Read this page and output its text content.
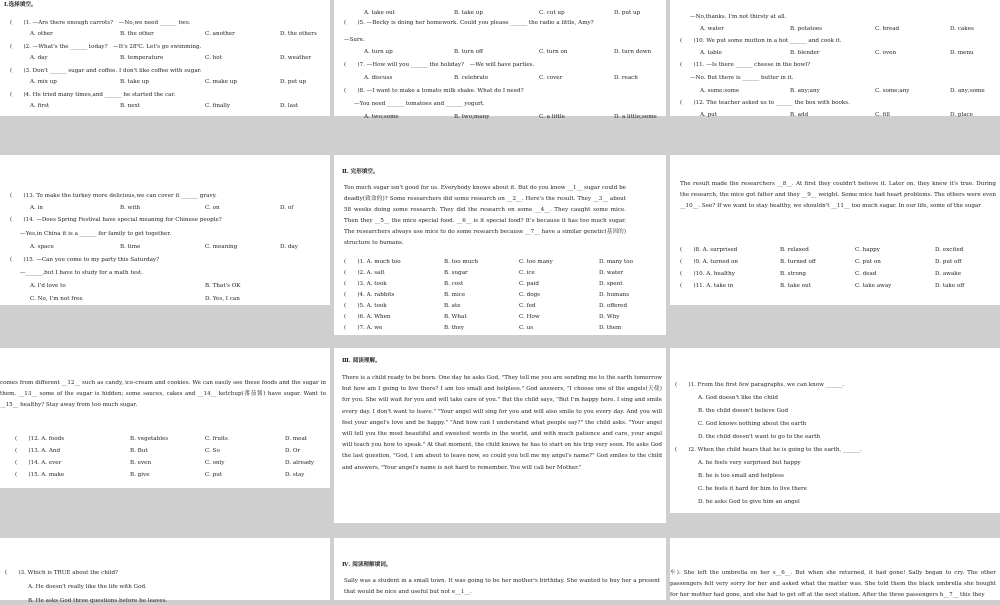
Ⅰ.选择填空。
(　　)1. —Are there enough carrots?　—No,we need ______ two.
(　　)2. —What's the ______ today?　—It's 28℃. Let's go swimming.
(　　)3. Don't ______ sugar and coffee. I don't like coffee with sugar.
(　　)4. He tried many times,and ______ he started the car.
A. other	B. the other	C. another	D. the others
A. day	B. temperature	C. hot	D. weather
A. mix up	B. take up	C. make up	D. put up
A. first	B. next	C. finally	D. last
(　　)5. —Becky is doing her homework. Could you please ______ the radio a little, Amy?
—Sure.
(　　)7. —How will you ______ the holiday?　—We will have parties.
(　　)8. —I want to make a tomato milk shake. What do I need?
—You need ______ tomatoes and ______ yogurt.
A. take out	B. take up	C. cut up	D. put up
A. turn up	B. turn off	C. turn on	D. turn down
A. discuss	B. celebrate	C. cover	D. reach
A. two;some	B. two;many	C. a little	D. a little;some
—No,thanks. I'm not thirsty at all.
(　　)10. We put some mutton in a hot ______ and cook it.
(　　)11. —Is there ______ cheese in the bowl?
—No. But there is ______ butter in it.
(　　)12. The teacher asked us to ______ the box with books.
A. water	B. potatoes	C. bread	D. cakes
A. table	B. blender	C. oven	D. menu
A. some;some	B. any;any	C. some;any	D. any;some
A. put	B. add	C. fill	D. place
(　　)13. To make the turkey more delicious,we can cover it ______ gravy.
(　　)14. —Does Spring Festival have special meaning for Chinese people?
—Yes,in China it is a ______ for family to get together.
(　　)15. —Can you come to my party this Saturday?
—______,but I have to study for a math test.
A. in	B. with	C. on	D. of
A. space	B. time	C. meaning	D. day
A. I'd love to	B. That's OK
C. No, I'm not free	D. Yes, I can
Ⅱ. 完形填空。
Too much sugar isn't good for us. Everybody knows about it. But do you know __1__ sugar could be deadly(致命的)? Some researchers did some research on __2__. Here's the result. They __3__ about 58 weeks doing some research. They did the research on some __4__. They caught some mice. Then they __5__ the mice special food. __6__ is it special food? It's because it has too much sugar. The researchers always use mice to do some research because __7__ have a similar genetic(基因的) structure to humans.
(　　)1. A. much too	B. too much	C. too many	D. many too
(　　)2. A. salt	B. sugar	C. ice	D. water
(　　)3. A. took	B. cost	C. paid	D. spent
(　　)4. A. rabbits	B. mice	C. dogs	D. humans
(　　)5. A. took	B. ate	C. fed	D. offered
(　　)6. A. When	B. What	C. How	D. Why
(　　)7. A. we	B. they	C. us	D. them
The result made the researchers __8__. At first they couldn't believe it. Later on, they knew it's true. During the research, the mice got fatter and they __9__ weight. Some mice had heart problems. The others were even __10__. See? If we want to stay healthy, we shouldn't __11__ too much sugar. In our life, some of the sugar
(　　)8. A. surprised	B. relaxed	C. happy	D. excited
(　　)9. A. turned on	B. turned off	C. put on	D. put off
(　　)10. A. healthy	B. strong	C. dead	D. awake
(　　)11. A. take in	B. take out	C. take away	D. take off
comes from different __12__ such as candy, ice-cream and cookies. We can easily see these foods and the sugar in them. __13__ some of the sugar is hidden; some sauces, cakes and __14__ ketchup(番茄酱) have sugar. Want to __15__ healthy? Stay away from too much sugar.
(　　)12. A. foods	B. vegetables	C. fruits	D. meat
(　　)13. A. And	B. But	C. So	D. Or
(　　)14. A. ever	B. even	C. only	D. already
(　　)15. A. make	B. give	C. put	D. stay
Ⅲ. 阅读理解。
There is a child ready to be born. One day he asks God, "They tell me you are sending me to the earth tomorrow but how am I going to live there? I am too small and helpless." God answers, "I choose one of the angels(天使) for you. She will wait for you and will take care of you." But the child says, "But I'm happy here. I sing and smile every day. I don't want to leave." "Your angel will sing for you and will also smile to you every day. And you will feel your angel's love and be happy." "And how can I understand what people say?" the child asks. "Your angel will tell you the most beautiful and sweetest words in the world, and with much patience and care, your angel will teach you how to speak." At that moment, the child knows he has to start on his trip very soon. He asks God the last question, "God, I am about to leave now, so could you tell me my angel's name?" God smiles to the child and answers, "Your angel's name is not hard to remember. You will call her Mother."
(　　)1. From the first few paragraphs, we can know ______.
A. God doesn't like the child
B. the child doesn't believe God
C. God knows nothing about the earth
D. the child doesn't want to go to the earth
(　　)2. When the child hears that he is going to the earth, ______.
A. he feels very surprised but happy
B. he is too small and helpless
C. he feels it hard for him to live there
D. he asks God to give him an angel
(　　)3. Which is TRUE about the child?
A. He doesn't really like the life with God.
B. He asks God three questions before he leaves.
Ⅳ. 阅读理解填词。
Sally was a student in a small town. It was going to be her mother's birthday. She wanted to buy her a present that would be nice and useful but not e__1__.
车). She left the umbrella on her s__6__. But when she returned, it had gone! Sally began to cry. The other passengers felt very sorry for her and asked what the matter was. She told them the black umbrella she bought for her mother had gone, and she had to get off at the next station. After the three passengers h__7__ this they
